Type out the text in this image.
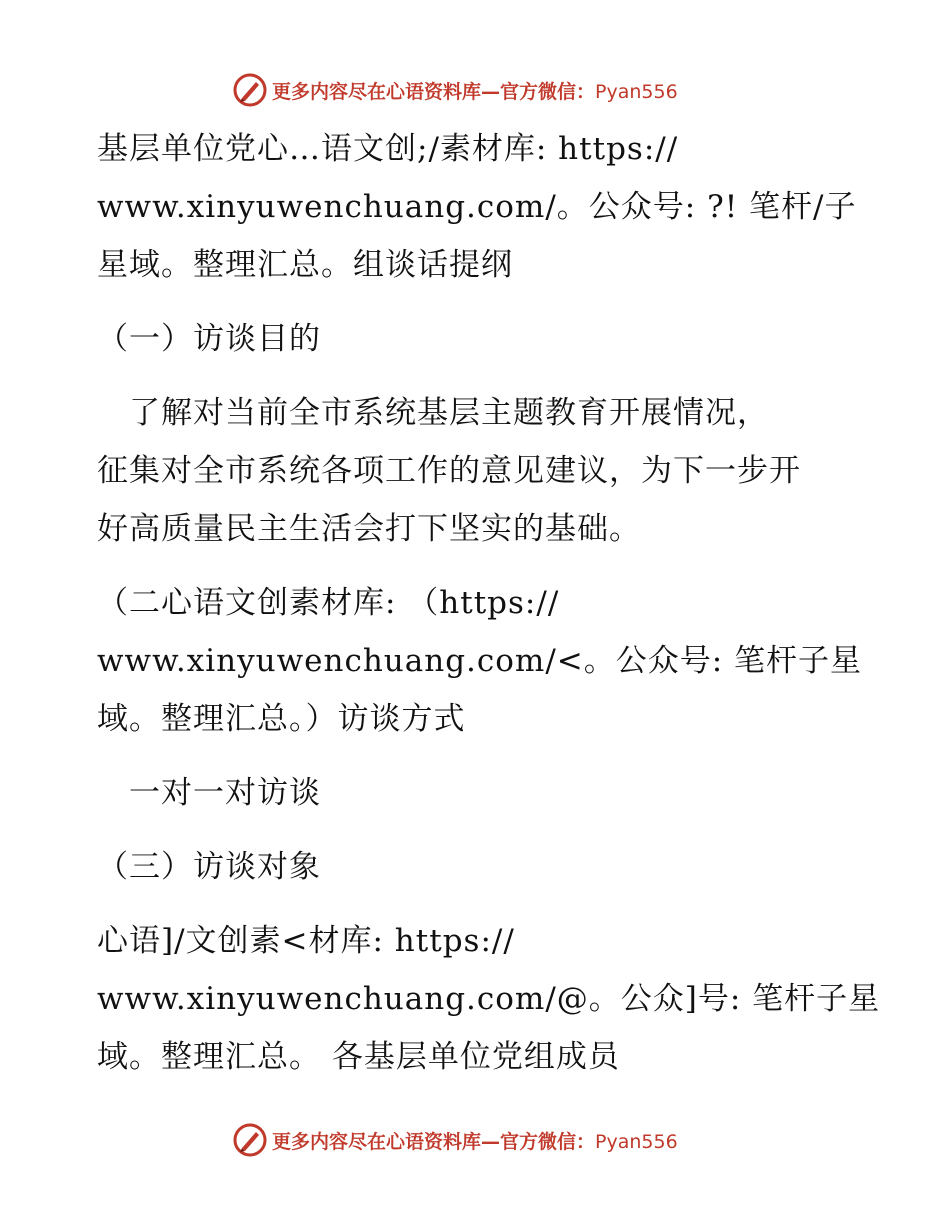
更多内容尽在心语资料库—官方微信：Pyan556
基层单位党心…语文创;/素材库: https://
www.xinyuwenchuang.com/。公众号: ?! 笔杆/子
星域。整理汇总。组谈话提纲
（一）访谈目的
　了解对当前全市系统基层主题教育开展情况，
征集对全市系统各项工作的意见建议，为下一步开
好高质量民主生活会打下坚实的基础。
（二心语文创素材库: （https://
www.xinyuwenchuang.com/<。公众号: 笔杆子星
域。整理汇总。）访谈方式
　一对一对访谈
（三）访谈对象
心语]/文创素<材库: https://
www.xinyuwenchuang.com/@。公众]号: 笔杆子星
域。整理汇总。 各基层单位党组成员
更多内容尽在心语资料库—官方微信：Pyan556
